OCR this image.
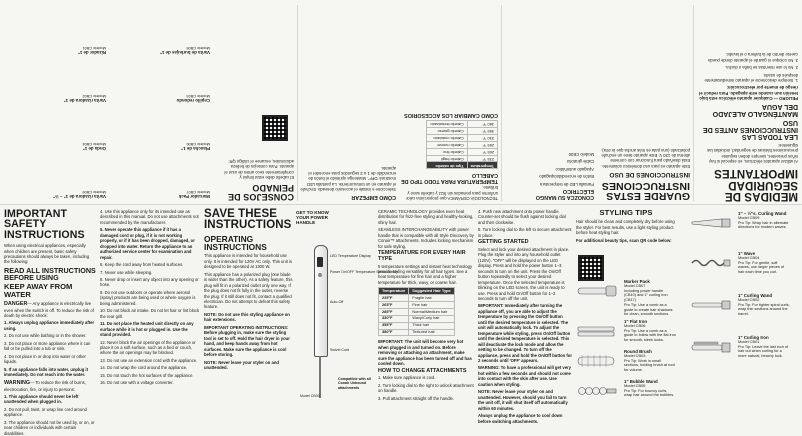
MEDIDAS DE SEGURIDAD IMPORTANTES

Al utilizar aparatos eléctricos, en especial si hay niños presentes, siempre deben seguirse precauciones básicas de seguridad, incluidas las siguientes:

LEA TODAS LAS INSTRUCCIONES ANTES DE USO
MANTÉNGALO ALEJADO DEL AGUA

PELIGRO — Cualquier aparato eléctrico está bajo tensión aun cuando esté apagado. Para reducir el riesgo de muerte por electrocución:

1. Siempre desconecte el aparato inmediatamente después de usarlo.

2. No lo use mientras se baña o ducha.

3. No coloque ni guarde el aparato donde pueda caerse dentro de la bañera o el lavabo.

GUARDE ESTAS INSTRUCCIONES
INSTRUCCIONES DE USO

Este aparato es para uso doméstico solamente. Está diseñado para funcionar con corriente alterna de 120 V. Este aparato tiene un enchufe polarizado (una pata es más ancha que la otra).

CONOZCA SU MANGO ELÉCTRICO

Pantalla LED de temperatura

Botón de encendido/apagado

Apagado automático

Cable giratorio

Modelo CB30

TECNOLOGÍA CERÁMICA que proporciona calor uniforme para peinados sin frizz y cabello sano y brillante.

TEMPERATURA PARA TODO TIPO DE CABELLO
Temperatura	Tipo de cabello
235 °F	Cabello frágil
265 °F	Cabello fino
285 °F	Cabello normal
330 °F	Cabello ondulado
355 °F	Cabello grueso
380 °F	Cabello texturizado
CÓMO CAMBIAR LOS ACCESORIOS
CÓMO EMPEZAR

Seleccione e instale el accesorio deseado. Enchufe el aparato en un tomacorriente. La pantalla LED mostrará 'OFF'. Mantenga oprimido el botón de encendido de 1 a 3 segundos para encender el aparato.

CONSEJOS DE PEINADO

El cabello debe estar limpio y completamente seco antes de usar el aparato. Para consejos de belleza adicionales, escanee el código QR:

Marcador Pack
Modelo CB07
Plancha de 1"
Modelo CB06
Cepillo redondo
Modelo CB03
Varita de burbujas de 1"
Modelo CB05
Varita rizadora de 1" – ½"
Modelo CB09
Onda de 1"
Modelo CB04
Varita rizadora de 1"
Modelo CB02
Rizador de 1"
Modelo CB01
IMPORTANT SAFETY INSTRUCTIONS

When using electrical appliances, especially when children are present, basic safety precautions should always be taken, including the following:

READ ALL INSTRUCTIONS BEFORE USING
KEEP AWAY FROM WATER

DANGER— Any appliance is electrically live even when the switch is off. To reduce the risk of death by electric shock:

1. Always unplug appliance immediately after using.

2. Do not use while bathing or in the shower.

3. Do not place or store appliance where it can fall or be pulled into a tub or sink.

4. Do not place in or drop into water or other liquids.

5. If an appliance falls into water, unplug it immediately. Do not reach into the water.

WARNING— To reduce the risk of burns, electrocution, fire, or injury to persons:

1. This appliance should never be left unattended when plugged in.

2. Do not pull, twist, or wrap line cord around appliance.

3. The appliance should not be used by, or on, or near children or individuals with certain disabilities.

4. Use this appliance only for its intended use as described in this manual. Do not use attachments not recommended by the manufacturer.

5. Never operate this appliance if it has a damaged cord or plug, if it is not working properly, or if it has been dropped, damaged, or dropped into water. Return the appliance to an authorized service center for examination and repair.

6. Keep the cord away from heated surfaces.

7. Never use while sleeping.

8. Never drop or insert any object into any opening or hose.

9. Do not use outdoors or operate where aerosol (spray) products are being used or where oxygen is being administered.

10. Do not block air intake. Do not let hair or lint block the rear grill.

11. Do not place the heated unit directly on any surface while it is hot or plugged in. Use the stand provided.

12. Never block the air openings of the appliance or place it on a soft surface, such as a bed or couch, where the air openings may be blocked.

13. Do not use an extension cord with the appliance.

14. Do not wrap the cord around the appliance.

15. Do not touch the hot surfaces of the appliance.

16. Do not use with a voltage converter.

SAVE THESE INSTRUCTIONS
OPERATING INSTRUCTIONS

This appliance is intended for household use only. It is intended for 120V AC only. This unit is designed to be operated at 1300 W.

This appliance has a polarized plug (one blade is wider than the other). As a safety feature, this plug will fit in a polarized outlet only one way. If the plug does not fit fully in the outlet, reverse the plug. If it still does not fit, contact a qualified electrician. Do not attempt to defeat this safety feature.

NOTE: Do not use this styling appliance on hair extensions.

IMPORTANT OPERATING INSTRUCTIONS: Before plugging in, make sure the styling tool is set to off. Hold the hair dryer in your hand, and keep hands away from hot surfaces. Make sure the appliance is cool before storing.

NOTE: Never leave your styler on and unattended.

GET TO KNOW YOUR POWER HANDLE
LED Temperature Display
Power On/OFF Temperature Select Button
Auto-Off
Swivel Cord
Model CB30
Compatible with all Conair Unbound attachments

CERAMIC TECHNOLOGY provides even heat distribution for frizz-free styling and healthy-looking, shiny hair.

SEAMLESS INTERCHANGEABILITY with power handle that is compatible with all Style Discovery by Conair™ attachments. Includes locking mechanism for safe styling.

TEMPERATURE FOR EVERY HAIR TYPE

5 temperature settings and instant heat technology provide styling versatility for all hair types. See a heat temperature for fine hair and a higher temperature for thick, wavy, or coarse hair.

Temperature	Suggested Hair Type
235°F	Fragile hair
265°F	Fine hair
285°F	Normal/Medium hair
330°F	Wavy/Curly hair
355°F	Thick hair
380°F	Textured hair

IMPORTANT: The unit will become very hot when plugged in and turned on. Before removing or attaching an attachment, make sure the appliance has been turned off and has cooled down.

HOW TO CHANGE ATTACHMENTS

1. Make sure appliance is cool.

2. Turn locking dial to the right to unlock attachment on handle.

3. Pull attachment straight off the handle.

4. Push new attachment onto power handle. Counter-set should be flush against locking dial and then clockwise.

5. Turn locking dial to the left to secure attachment in place.

GETTING STARTED

Select and lock your desired attachment in place. Plug the styler and into any household outlet (120V). "OFF" will be displayed on the LED display. Press and hold the power button 1–3 seconds to turn on the unit. Press the On/Off button repeatedly to select your desired temperature. Once the selected temperature is blinking on the LED screen, the unit is ready to use. Press and hold On/Off button for 1–2 seconds to turn off the unit.

IMPORTANT: Immediately after turning the appliance off, you are able to adjust the temperature by pressing the On/Off button until the desired temperature is selected. The unit will automatically lock. To adjust the temperature while styling, press On/Off button until the desired temperature is selected. This will deactivate the lock mode and allow the setting to be changed. To turn off the appliance, press and hold the On/Off button for 2 seconds until 'OFF' appears.

WARNING: To have a professional will get very hot within a few seconds and should not come into contact with the skin after use. Use caution when styling.

NOTE: Never leave your styler on and unattended. However, should you fail to turn the unit off, it will shut itself off automatically within 60 minutes.

Always unplug the appliance to cool down before switching attachments.

STYLING TIPS

Hair should be clean and completely dry before using the styler. For best results, use a light styling product before heat styling hair.

For additional beauty tips, scan QR code below:

Marker Pack
Model CB07
Including power handle (CB10) and 1" curling iron (CB17)
Pro Tip: Use a comb as a guide to create hair shadows for clean, smooth sections.
1" Flat Iron
Model CB06
Pro Tip: Use a comb as a guide to follow with the flat iron for smooth, sleek looks.
Round Brush
Model CB03
Pro Tip: Work in small sections, holding brush at root for volume.
1" Bubble Wand
Model CB05
Pro Tip: For bouncy curls, wrap hair around the bubbles.
1" – ½"s. Curling Wand
Model CB09
Pro Tip: Wrap hair in alternate directions for modern waves.
1" Wave
Model CB04
Pro Tip: For gentle, soft waves, use larger pieces of hair each time you curl.
1" Curling Wand
Model CB02
Pro Tip: For tighter spiral curls, wrap thin sections around the barrel.
1" Curling Iron
Model CB01
Pro Tip: Leave the last inch of hair out when curling for a more natural, beachy look.
